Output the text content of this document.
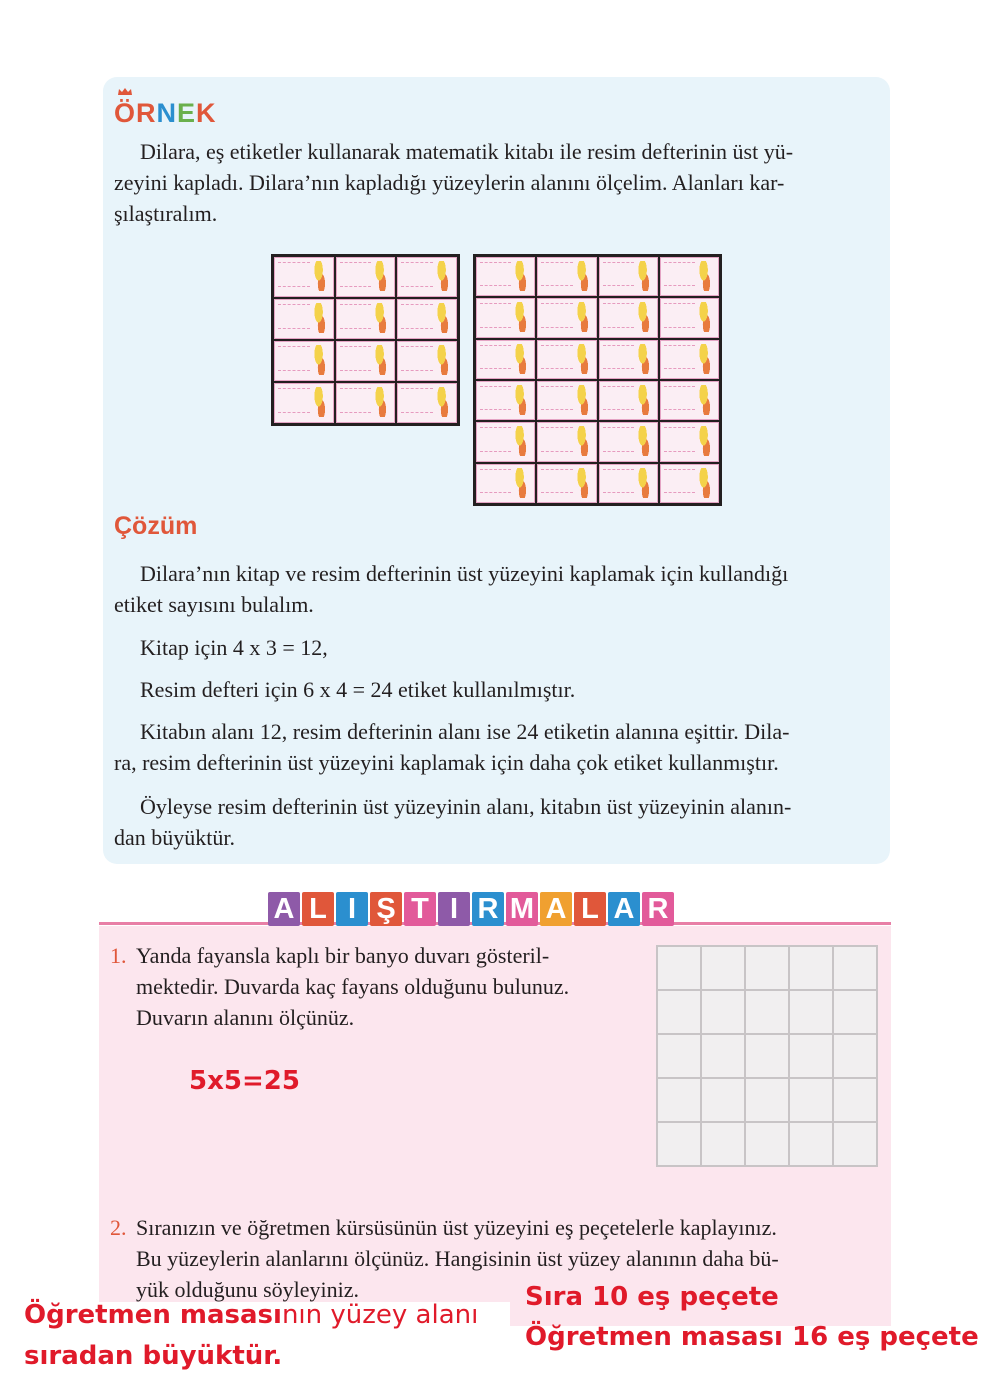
ÖRNEK
Dilara, eş etiketler kullanarak matematik kitabı ile resim defterinin üst yü-
zeyini kapladı. Dilara’nın kapladığı yüzeylerin alanını ölçelim. Alanları kar-
şılaştıralım.
Çözüm
Dilara’nın kitap ve resim defterinin üst yüzeyini kaplamak için kullandığı
etiket sayısını bulalım.
Kitap için 4 x 3 = 12,
Resim defteri için 6 x 4 = 24 etiket kullanılmıştır.
Kitabın alanı 12, resim defterinin alanı ise 24 etiketin alanına eşittir. Dila-
ra, resim defterinin üst yüzeyini kaplamak için daha çok etiket kullanmıştır.
Öyleyse resim defterinin üst yüzeyinin alanı, kitabın üst yüzeyinin alanın-
dan büyüktür.
A L I Ş T I R M A L A R
1. Yanda fayansla kaplı bir banyo duvarı gösteril-
mektedir. Duvarda kaç fayans olduğunu bulunuz.
Duvarın alanını ölçünüz.
5x5=25
2. Sıranızın ve öğretmen kürsüsünün üst yüzeyini eş peçetelerle kaplayınız.
Bu yüzeylerin alanlarını ölçünüz. Hangisinin üst yüzey alanının daha bü-
yük olduğunu söyleyiniz.
Öğretmen masasının yüzey alanı
sıradan büyüktür.
Sıra 10 eş peçete
Öğretmen masası 16 eş peçete
